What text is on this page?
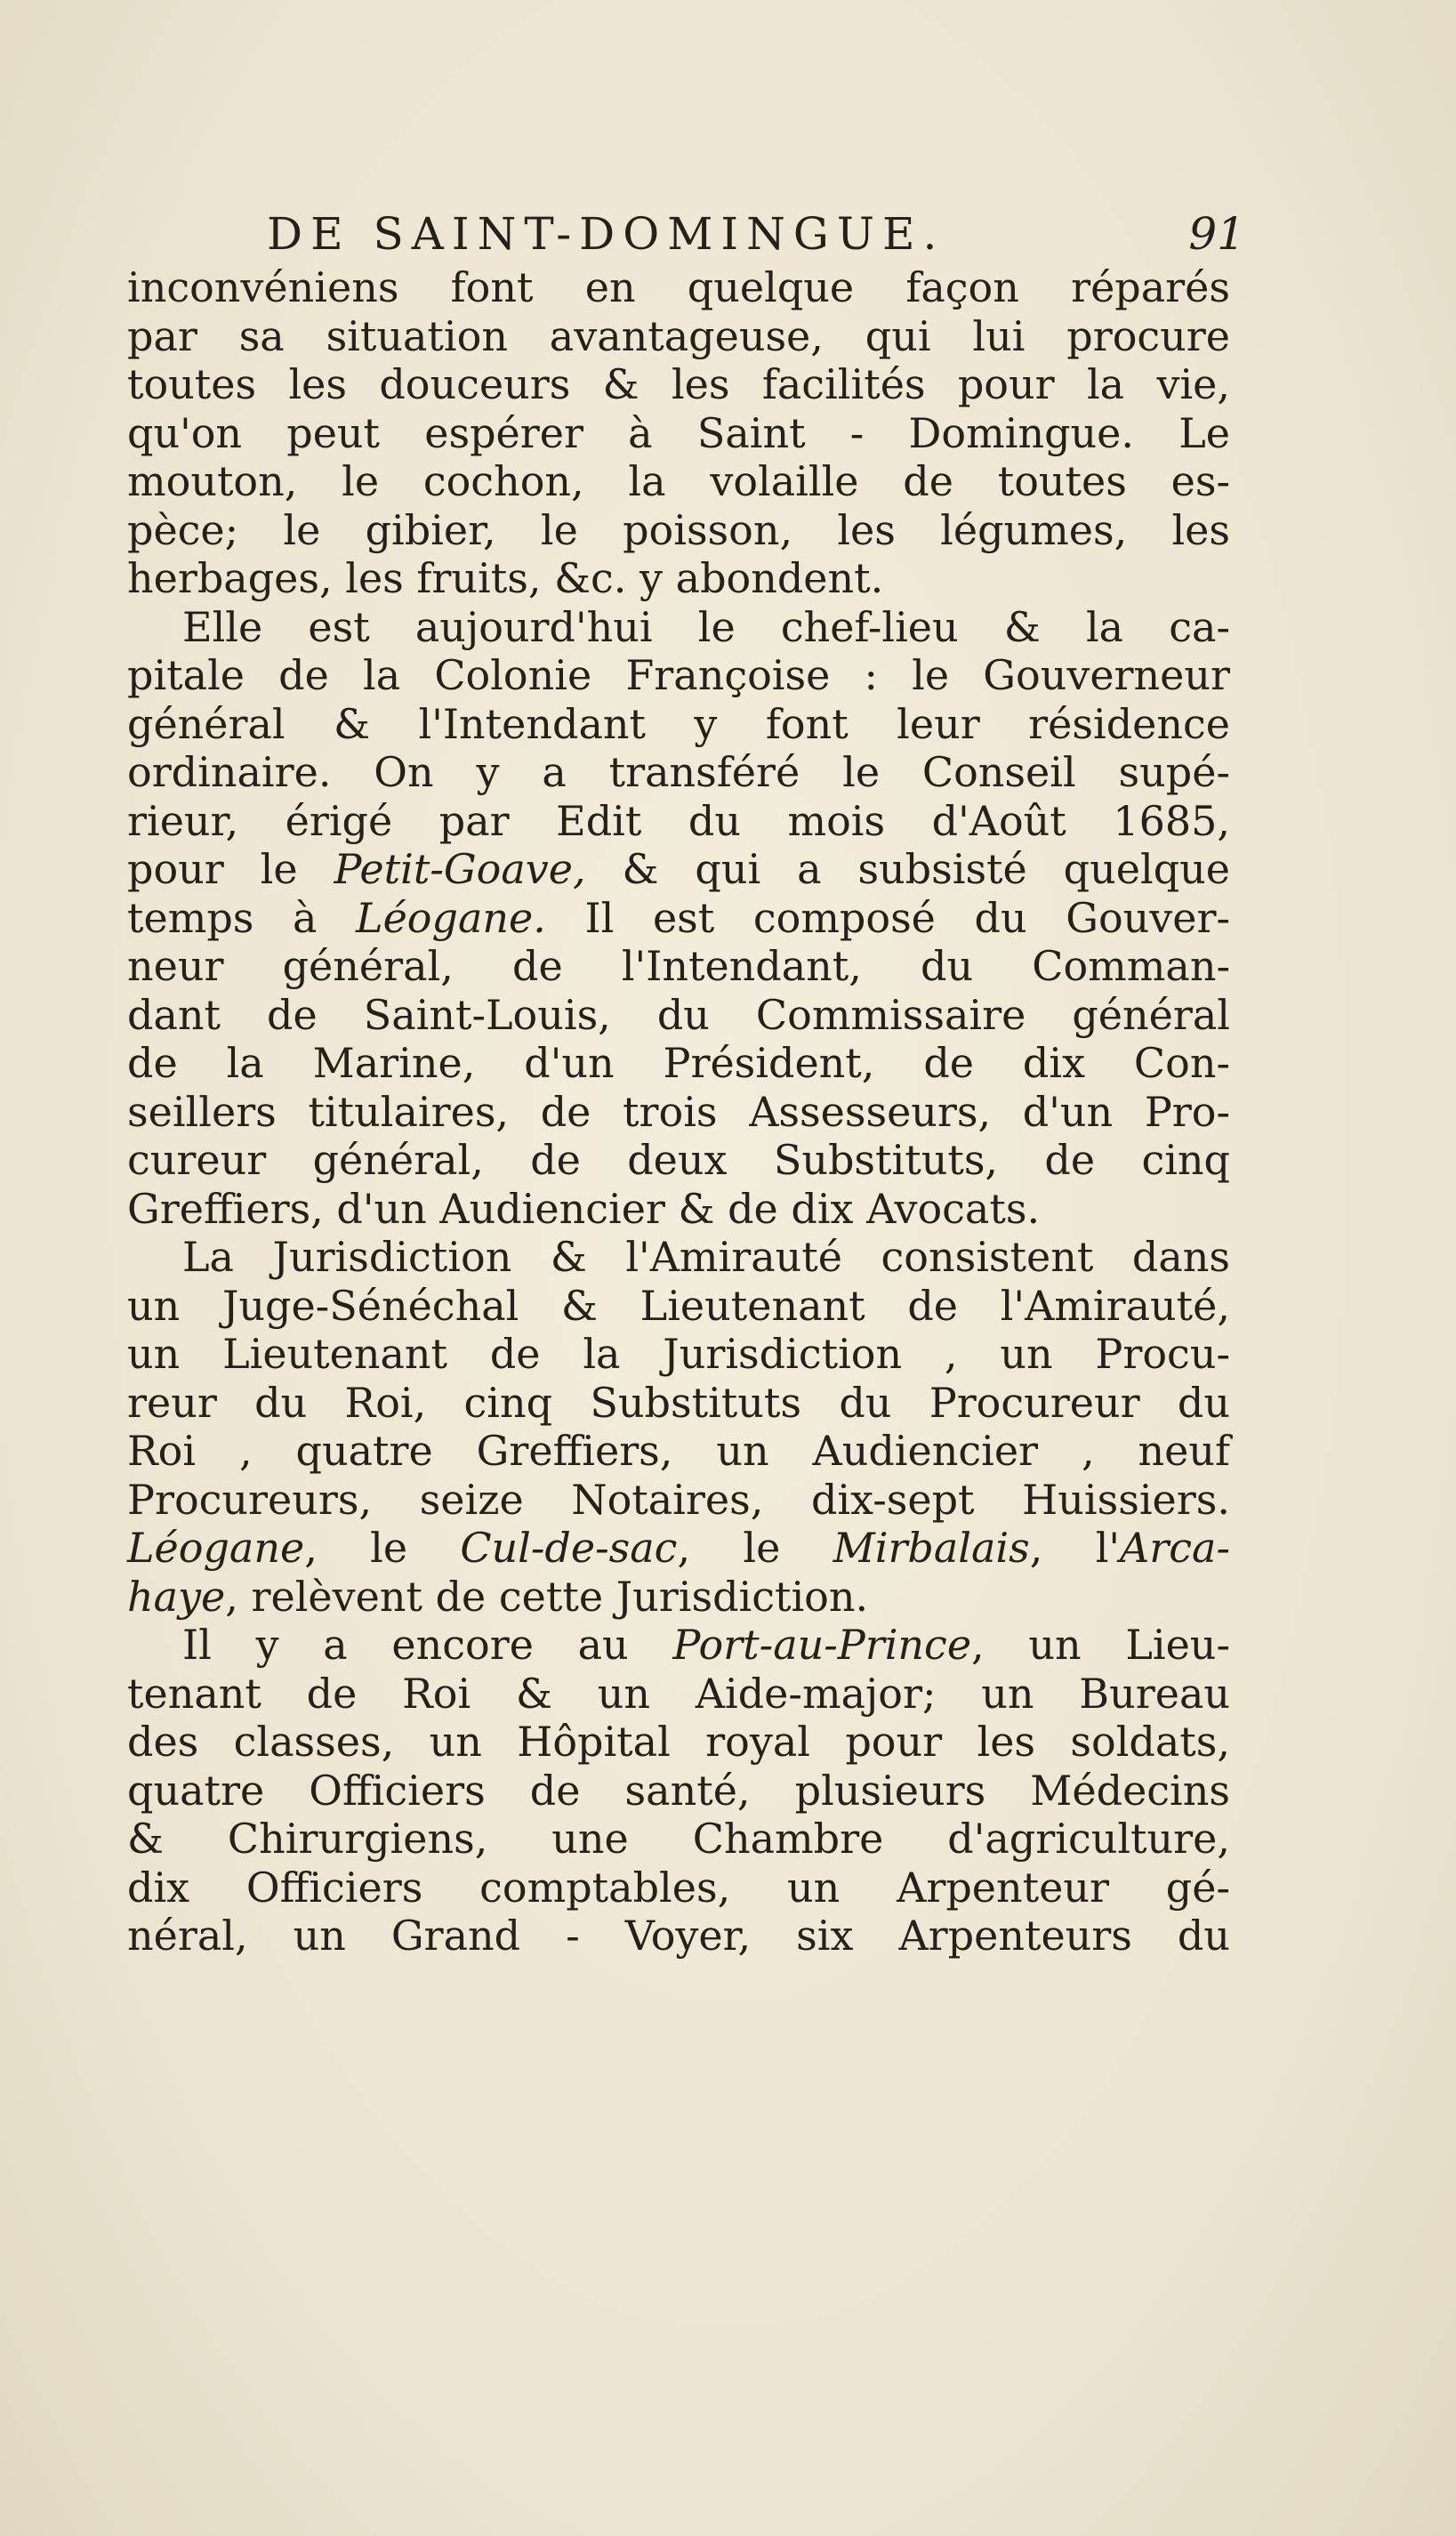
DE SAINT-DOMINGUE.	91
inconvéniens font en quelque façon réparés
par sa situation avantageuse, qui lui procure
toutes les douceurs & les facilités pour la vie,
qu'on peut espérer à Saint - Domingue. Le
mouton, le cochon, la volaille de toutes es-
pèce; le gibier, le poisson, les légumes, les
herbages, les fruits, &c. y abondent.
Elle est aujourd'hui le chef-lieu & la ca-
pitale de la Colonie Françoise : le Gouverneur
général & l'Intendant y font leur résidence
ordinaire. On y a transféré le Conseil supé-
rieur, érigé par Edit du mois d'Août 1685,
pour le Petit-Goave, & qui a subsisté quelque
temps à Léogane. Il est composé du Gouver-
neur général, de l'Intendant, du Comman-
dant de Saint-Louis, du Commissaire général
de la Marine, d'un Président, de dix Con-
seillers titulaires, de trois Assesseurs, d'un Pro-
cureur général, de deux Substituts, de cinq
Greffiers, d'un Audiencier & de dix Avocats.
La Jurisdiction & l'Amirauté consistent dans
un Juge-Sénéchal & Lieutenant de l'Amirauté,
un Lieutenant de la Jurisdiction , un Procu-
reur du Roi, cinq Substituts du Procureur du
Roi , quatre Greffiers, un Audiencier , neuf
Procureurs, seize Notaires, dix-sept Huissiers.
Léogane, le Cul-de-sac, le Mirbalais, l'Arca-
haye, relèvent de cette Jurisdiction.
Il y a encore au Port-au-Prince, un Lieu-
tenant de Roi & un Aide-major; un Bureau
des classes, un Hôpital royal pour les soldats,
quatre Officiers de santé, plusieurs Médecins
& Chirurgiens, une Chambre d'agriculture,
dix Officiers comptables, un Arpenteur gé-
néral, un Grand - Voyer, six Arpenteurs du
